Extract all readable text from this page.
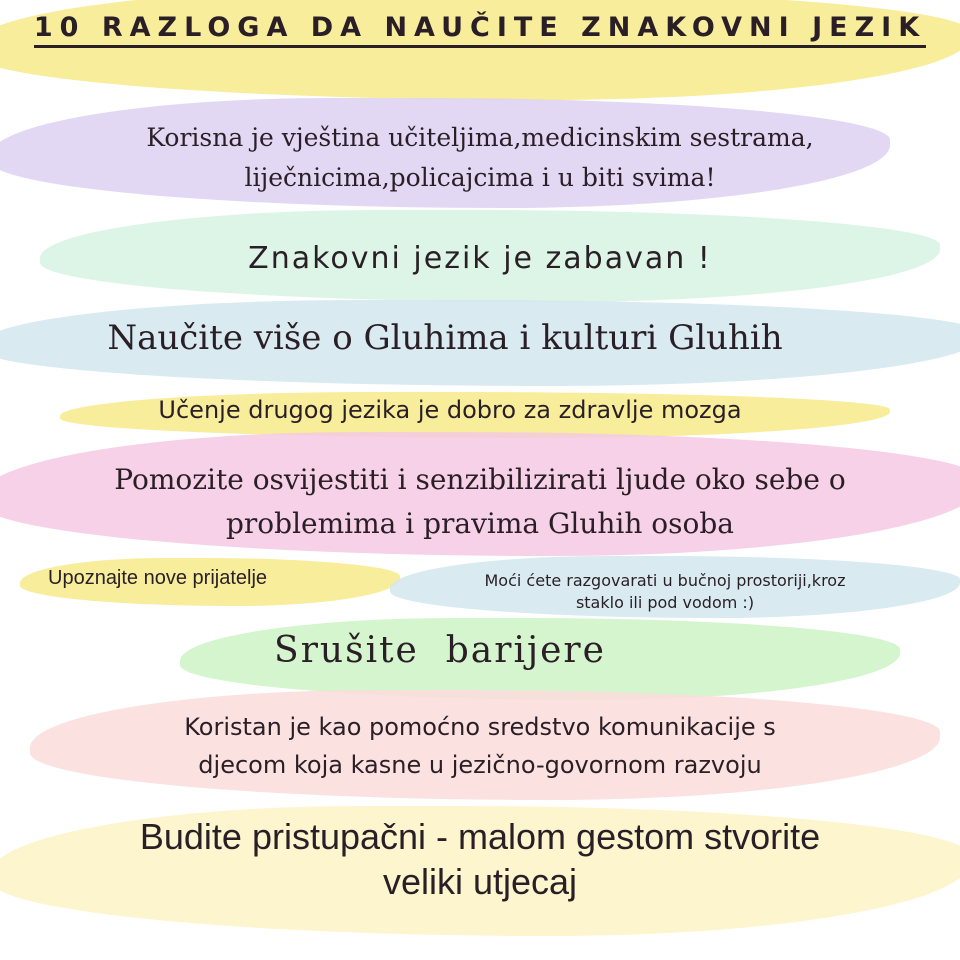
10 RAZLOGA DA NAUČITE ZNAKOVNI JEZIK
Korisna je vještina učiteljima,medicinskim sestrama,
liječnicima,policajcima i u biti svima!
Znakovni jezik je zabavan !
Naučite više o Gluhima i kulturi Gluhih
Učenje drugog jezika je dobro za zdravlje mozga
Pomozite osvijestiti i senzibilizirati ljude oko sebe o
problemima i pravima Gluhih osoba
Upoznajte nove prijatelje	Moći ćete razgovarati u bučnoj prostoriji,kroz
staklo ili pod vodom :)
Srušite  barijere
Koristan je kao pomoćno sredstvo komunikacije s
djecom koja kasne u jezično-govornom razvoju
Budite pristupačni - malom gestom stvorite
veliki utjecaj
